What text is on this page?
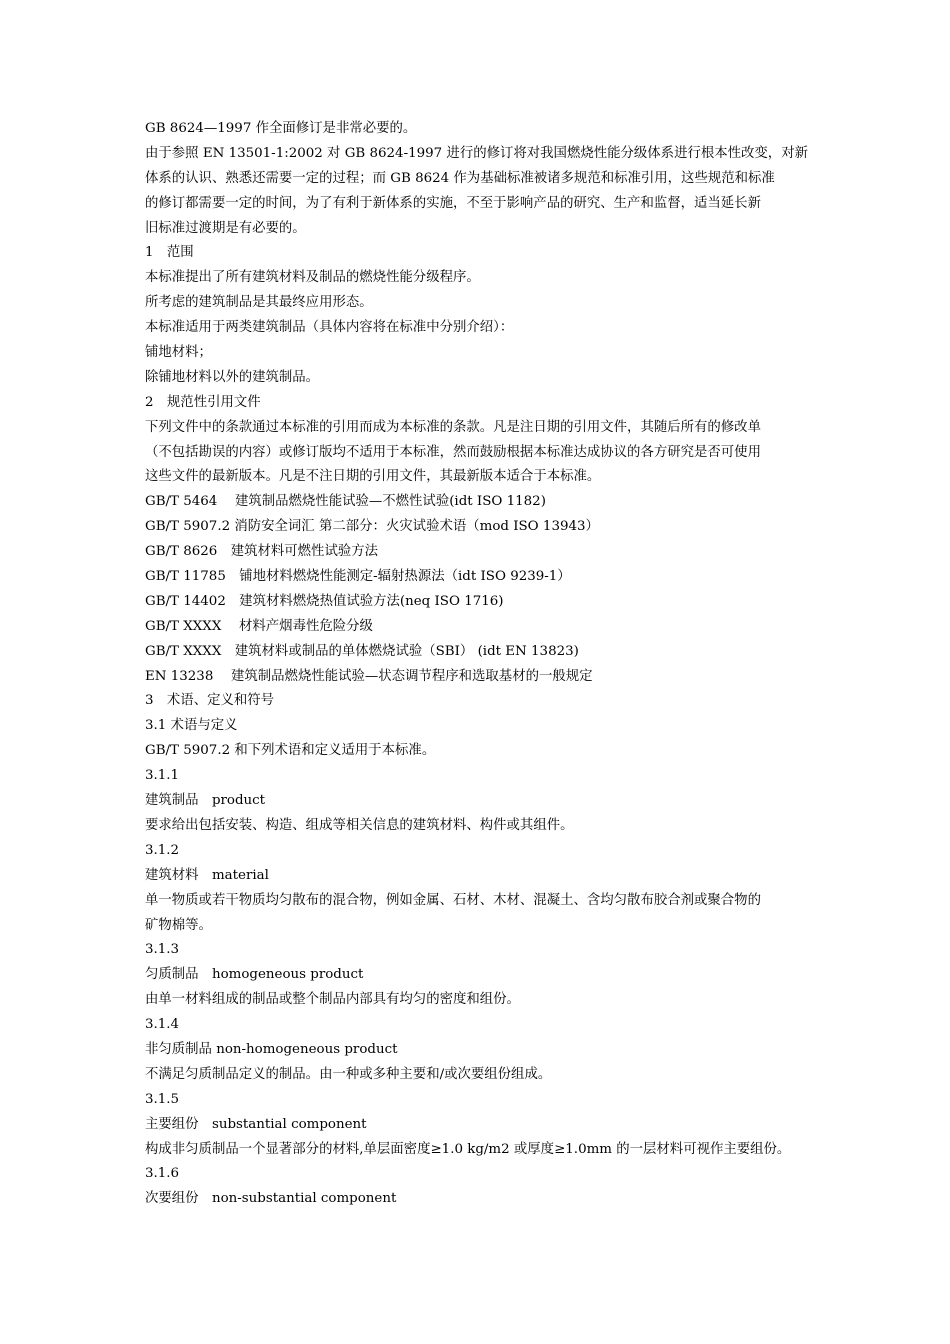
GB 8624—1997 作全面修订是非常必要的。
由于参照 EN 13501-1:2002 对 GB 8624-1997 进行的修订将对我国燃烧性能分级体系进行根本性改变，对新
体系的认识、熟悉还需要一定的过程；而 GB 8624 作为基础标准被诸多规范和标准引用，这些规范和标准
的修订都需要一定的时间，为了有利于新体系的实施，不至于影响产品的研究、生产和监督，适当延长新
旧标准过渡期是有必要的。
1　范围
本标准提出了所有建筑材料及制品的燃烧性能分级程序。
所考虑的建筑制品是其最终应用形态。
本标准适用于两类建筑制品（具体内容将在标准中分别介绍）：
铺地材料；
除铺地材料以外的建筑制品。
2　规范性引用文件
下列文件中的条款通过本标准的引用而成为本标准的条款。凡是注日期的引用文件，其随后所有的修改单
（不包括勘误的内容）或修订版均不适用于本标准，然而鼓励根据本标准达成协议的各方研究是否可使用
这些文件的最新版本。凡是不注日期的引用文件，其最新版本适合于本标准。
GB/T 5464　 建筑制品燃烧性能试验—不燃性试验(idt ISO 1182)
GB/T 5907.2 消防安全词汇 第二部分：火灾试验术语（mod ISO 13943）
GB/T 8626　建筑材料可燃性试验方法
GB/T 11785　铺地材料燃烧性能测定-辐射热源法（idt ISO 9239-1）
GB/T 14402　建筑材料燃烧热值试验方法(neq ISO 1716)
GB/T XXXX　 材料产烟毒性危险分级
GB/T XXXX　建筑材料或制品的单体燃烧试验（SBI） (idt EN 13823)
EN 13238　 建筑制品燃烧性能试验—状态调节程序和选取基材的一般规定
3　术语、定义和符号
3.1 术语与定义
GB/T 5907.2 和下列术语和定义适用于本标准。
3.1.1
建筑制品　product
要求给出包括安装、构造、组成等相关信息的建筑材料、构件或其组件。
3.1.2
建筑材料　material
单一物质或若干物质均匀散布的混合物，例如金属、石材、木材、混凝土、含均匀散布胶合剂或聚合物的
矿物棉等。
3.1.3
匀质制品　homogeneous product
由单一材料组成的制品或整个制品内部具有均匀的密度和组份。
3.1.4
非匀质制品 non-homogeneous product
不满足匀质制品定义的制品。由一种或多种主要和/或次要组份组成。
3.1.5
主要组份　substantial component
构成非匀质制品一个显著部分的材料,单层面密度≥1.0 kg/m2 或厚度≥1.0mm 的一层材料可视作主要组份。
3.1.6
次要组份　non-substantial component
